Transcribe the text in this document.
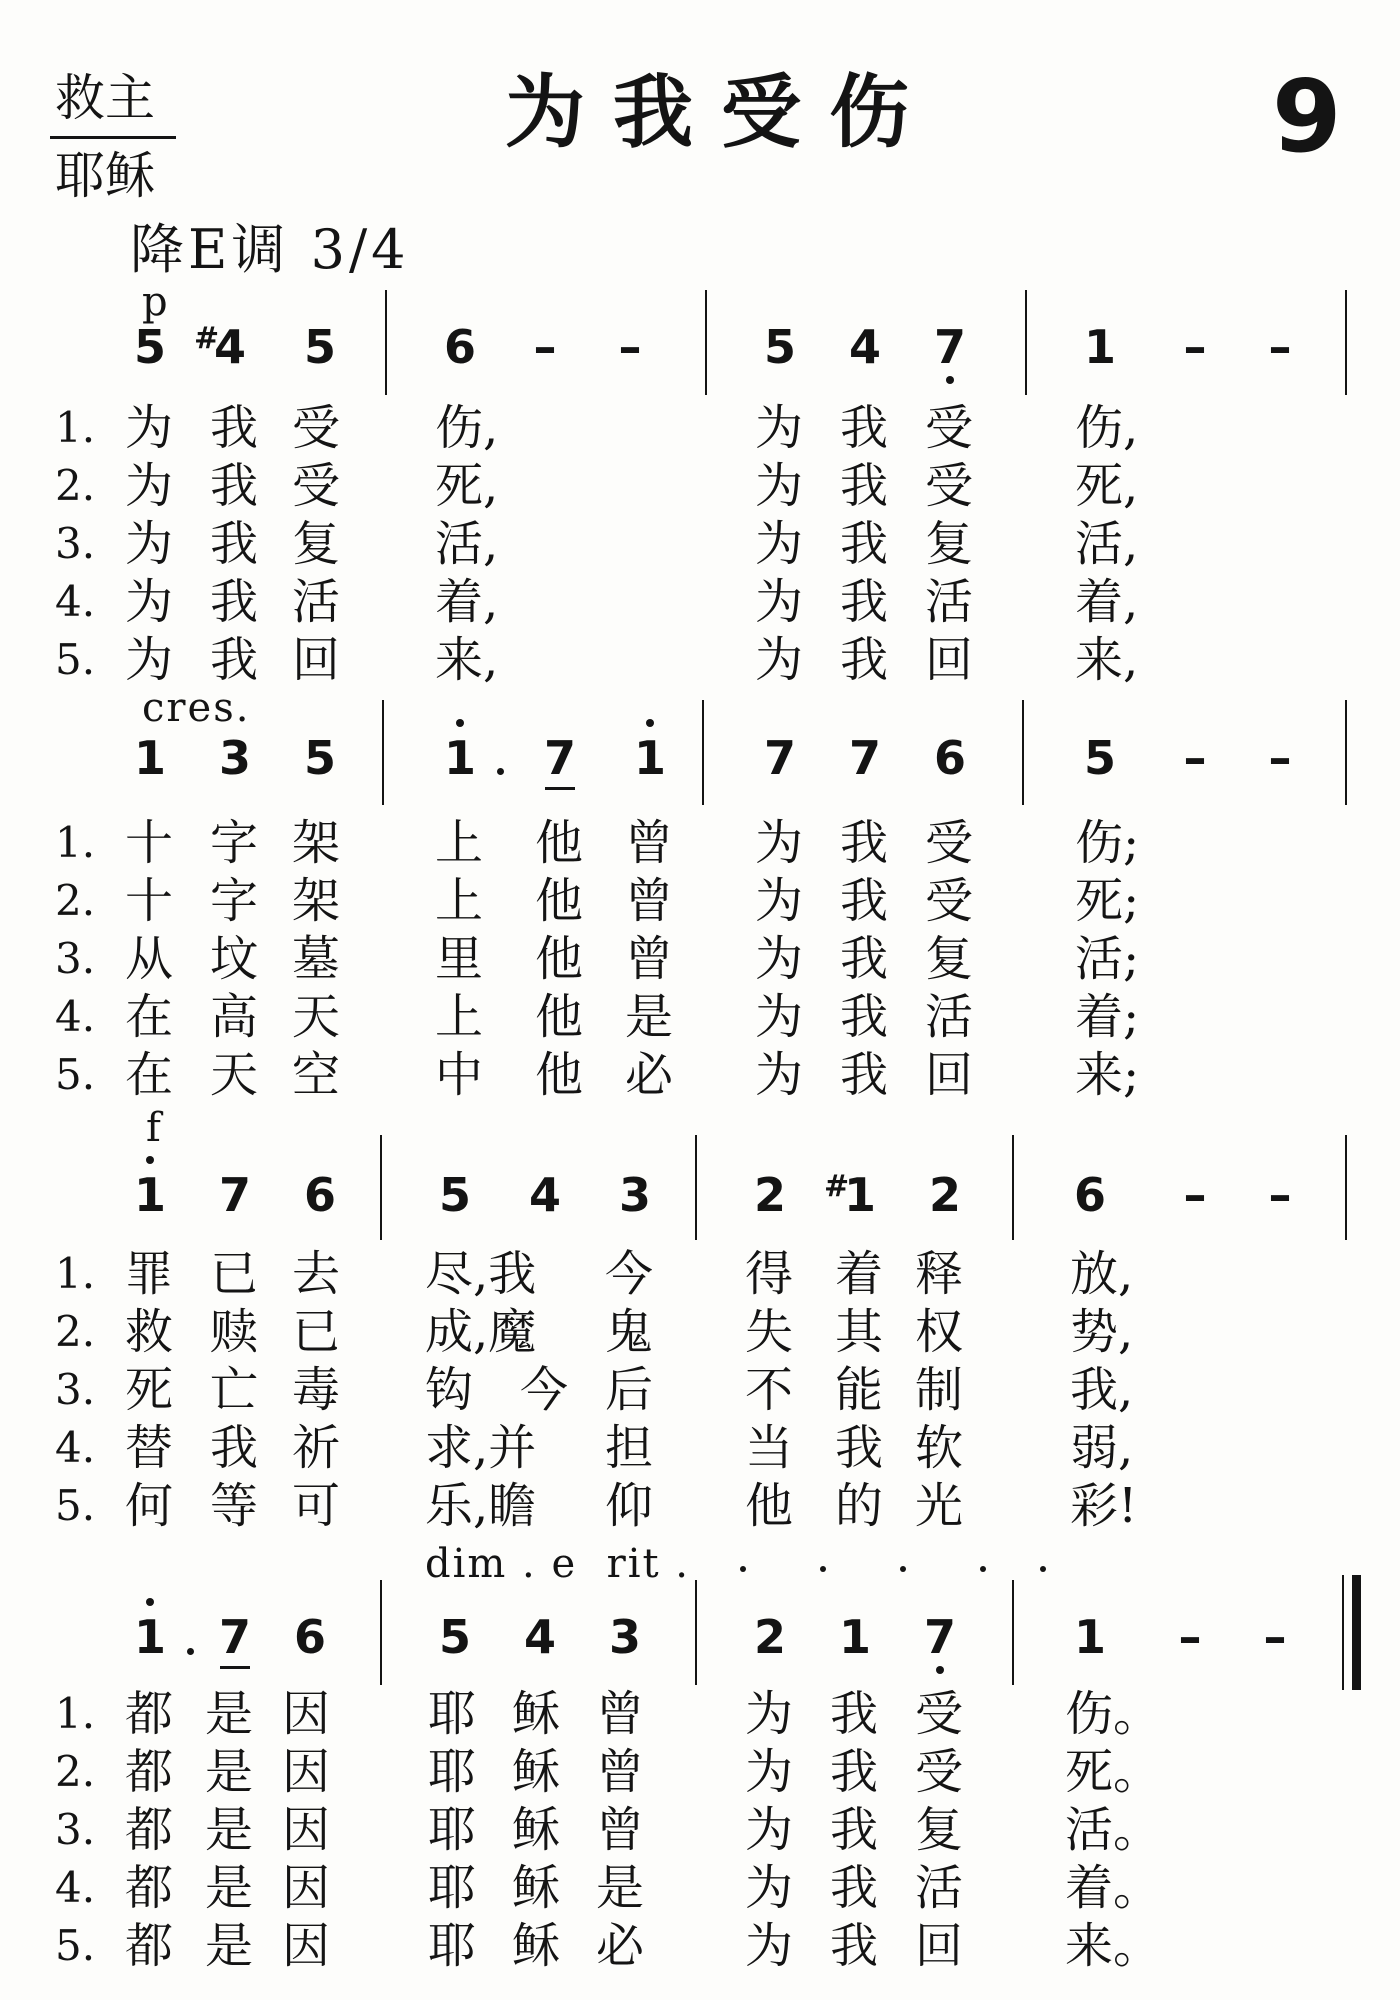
救主
耶稣
为我受伤	9
降E调 3/4
p
cres.
f
dim . e  rit .
5 #
4	5	6	–	–	5	4	7	1	–	–
1. 为 我 受 伤,	为 我 受 伤,
2. 为 我 受 死,	为 我 受 死,
3. 为 我 复 活,	为 我 复 活,
4. 为 我 活 着,	为 我 活 着,
5. 为 我 回 来,	为 我 回 来,
1	3	5	1	7	1	7	7	6	5	–	–
1. 十 字 架 上 他 曾 为 我 受 伤;
2. 十 字 架 上 他 曾 为 我 受 死;
3. 从 坟 墓 里 他 曾 为 我 复 活;
4. 在 高 天 上 他 是 为 我 活 着;
5. 在 天 空 中 他 必 为 我 回 来;
1	7	6	5	4	3	2	#
1	2	6	–	–
1. 罪 已 去 尽,我 今 得 着 释 放,
2. 救 赎 已 成,魔 鬼 失 其 权 势,
3. 死 亡 毒 钩 今 后 不 能 制 我,
4. 替 我 祈 求,并 担 当 我 软 弱,
5. 何 等 可 乐,瞻 仰 他 的 光 彩!
1	7 6	5	4	3	2	1	7	1	–	–
1. 都 是 因 耶 稣 曾 为 我 受 伤。
2. 都 是 因 耶 稣 曾 为 我 受 死。
3. 都 是 因 耶 稣 曾 为 我 复 活。
4. 都 是 因 耶 稣 是 为 我 活 着。
5. 都 是 因 耶 稣 必 为 我 回 来。
